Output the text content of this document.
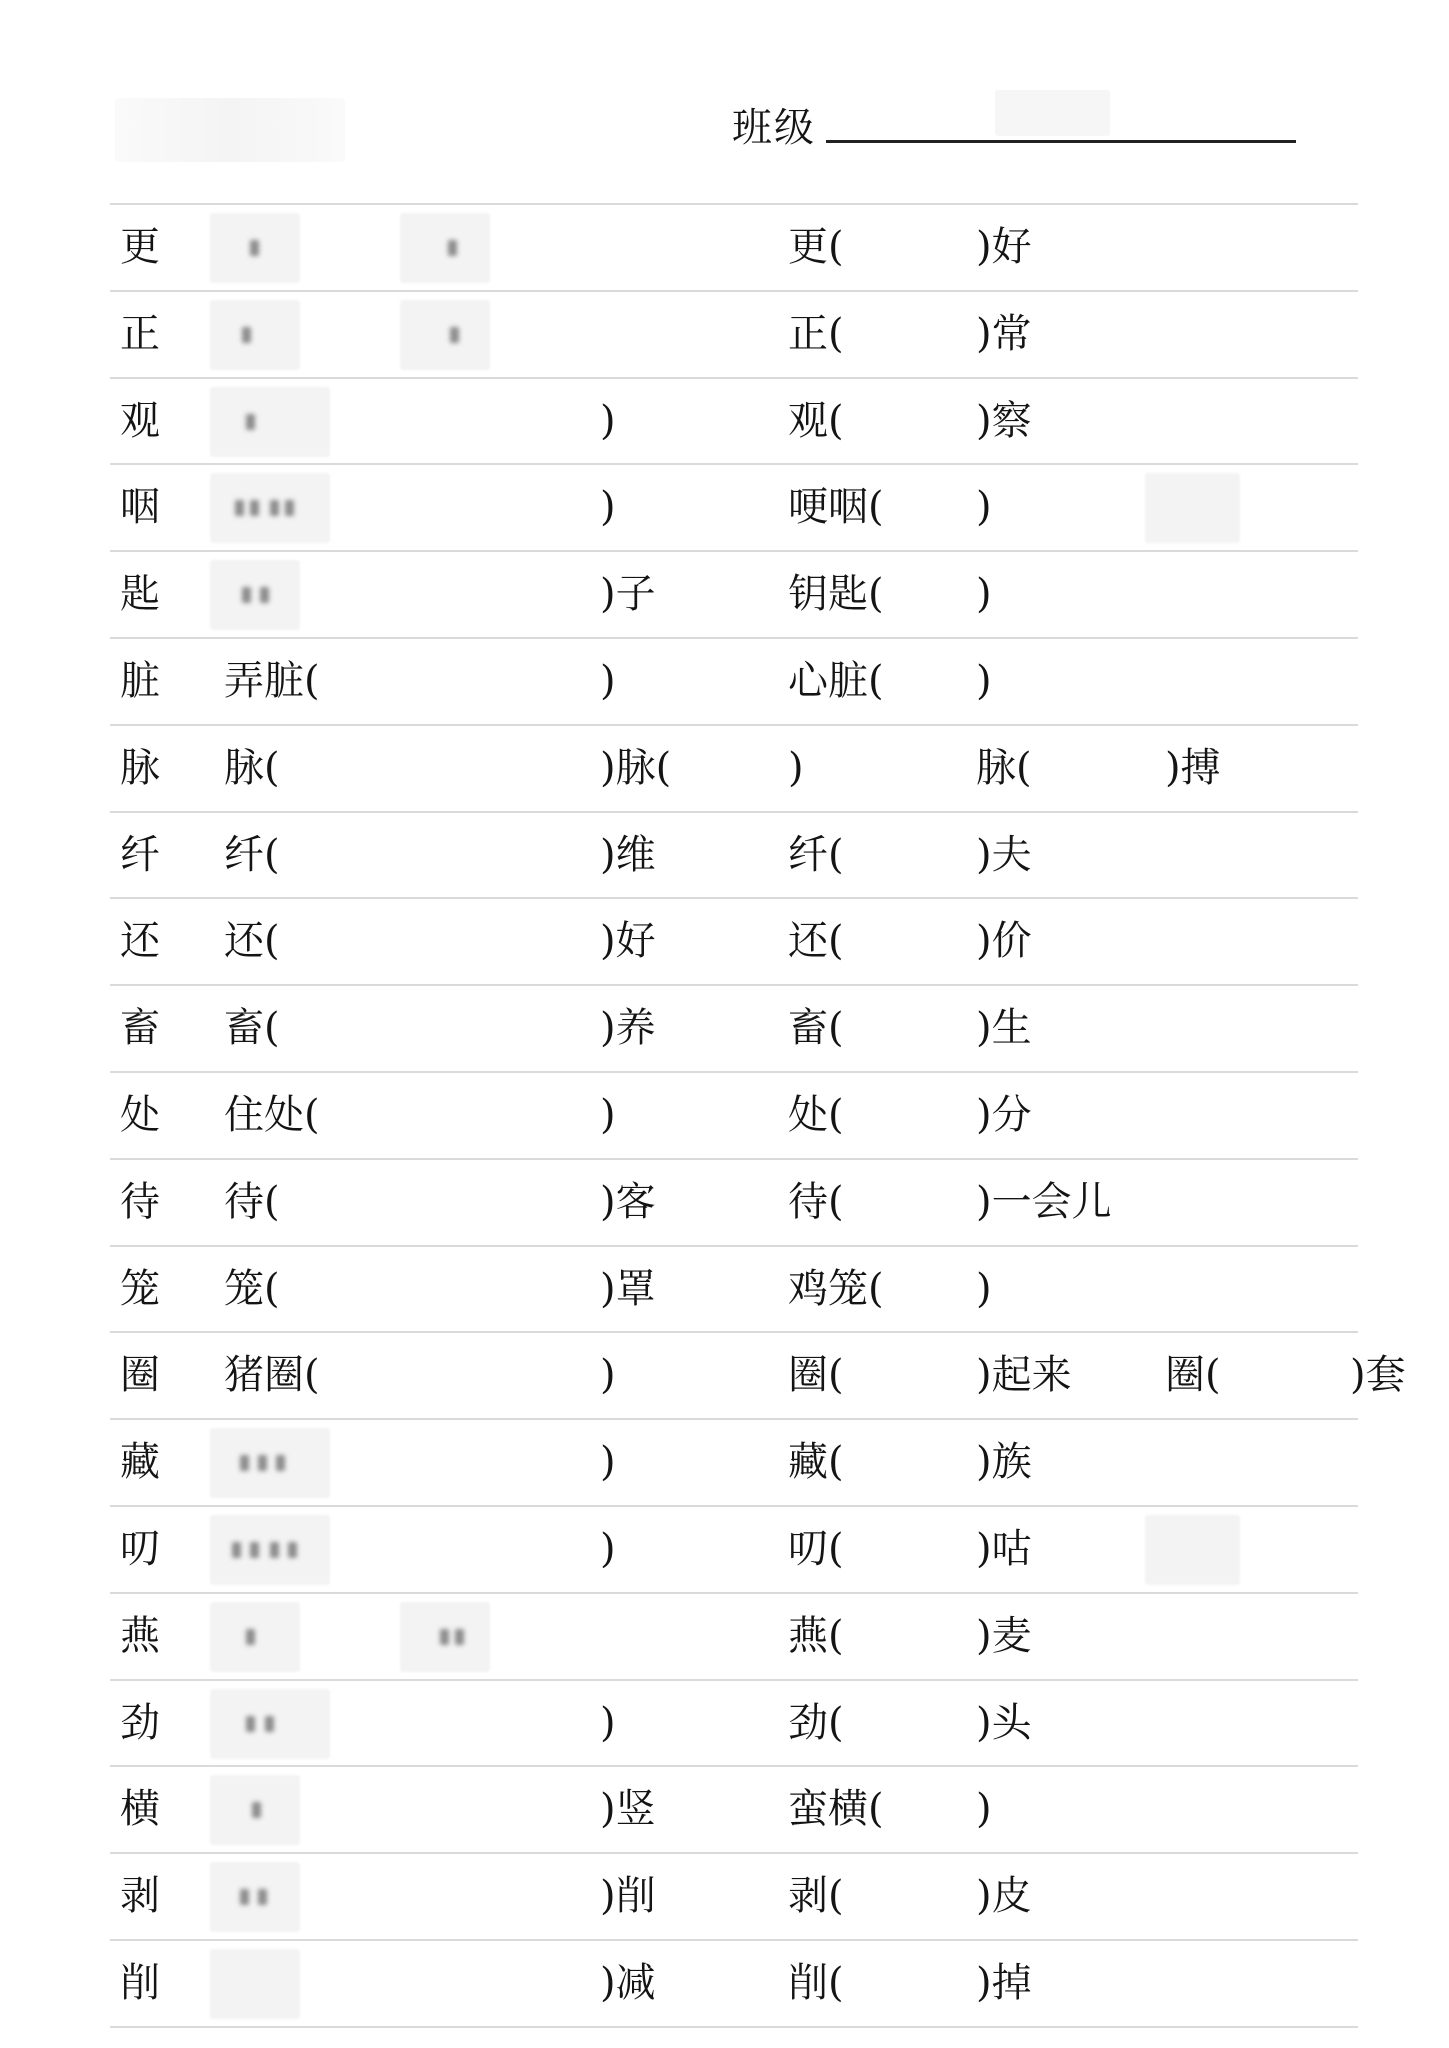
班级
更	更(	)好
正	正(	)常
观	)	观(	)察
咽	)	哽咽( )
匙	)子	钥匙( )
脏 弄脏(	)	心脏( )
脉 脉(	)脉(	)	脉(	)搏
纤 纤(	)维	纤(	)夫
还 还(	)好	还(	)价
畜 畜(	)养	畜(	)生
处 住处(	)	处(	)分
待 待(	)客	待(	)一会儿
笼 笼(	)罩	鸡笼( )
圈 猪圈(	)	圈(	)起来 圈(	)套
藏	)	藏(	)族
叨	)	叨(	)咕
燕	燕(	)麦
劲	)	劲(	)头
横	)竖	蛮横( )
剥	)削	剥(	)皮
削	)减	削(	)掉
